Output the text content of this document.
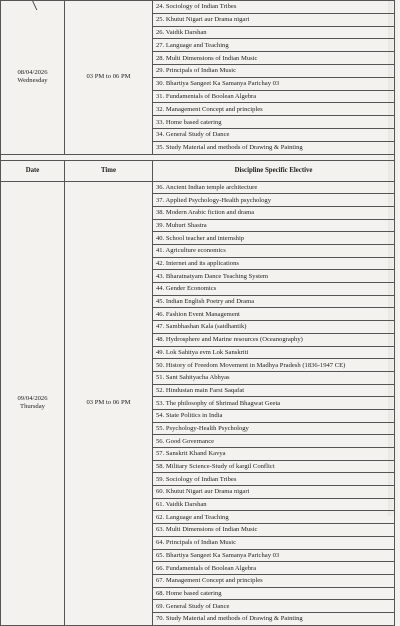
08/04/2026
Wednesday	03 PM to 06 PM	24. Sociology of Indian Tribes
		25. Khutut Nigari aur Drama nigari
		26. Vaidik Darshan
		27. Language and Teaching
		28. Multi Dimensions of Indian Music
		29. Principals of Indian Music
		30. Bhartiya Sangeet Ka Samanya Parichay 03
		31. Fundamentals of Boolean Algebra
		32. Management Concept and principles
		33. Home based catering
		34. General Study of Dance
		35. Study Material and methods of Drawing & Painting

Date	Time	Discipline Specific Elective

09/04/2026
Thursday	03 PM to 06 PM	36. Ancient Indian temple architecture
		37. Applied Psychology-Health psychology
		38. Modern Arabic fiction and drama
		39. Muhurt Shastra
		40. School teacher and internship
		41. Agriculture economics
		42. Internet and its applications
		43. Bharatnatyam Dance Teaching System
		44. Gender Economics
		45. Indian English Poetry and Drama
		46. Fashion Event Management
		47. Sambhashan Kala (saidhantik)
		48. Hydrosphere and Marine resources (Oceanography)
		49. Lok Sahitya evm Lok Sanskriti
		50. History of Freedom Movement in Madhya Pradesh (1836-1947 CE)
		51. Sant Sahityacha Abhyas
		52. Hindustan main Farsi Saqafat
		53. The philosophy of Shrimad Bhagwat Geeta
		54. State Politics in India
		55. Psychology-Health Psychology
		56. Good Governance
		57. Sanskrit Khand Kavya
		58. Military Science-Study of kargil Conflict
		59. Sociology of Indian Tribes
		60. Khutut Nigari aur Drama nigari
		61. Vaidik Darshan
		62. Language and Teaching
		63. Multi Dimensions of Indian Music
		64. Principals of Indian Music
		65. Bhartiya Sangeet Ka Samanya Parichay 03
		66. Fundamentals of Boolean Algebra
		67. Management Concept and principles
		68. Home based catering
		69. General Study of Dance
		70. Study Material and methods of Drawing & Painting
